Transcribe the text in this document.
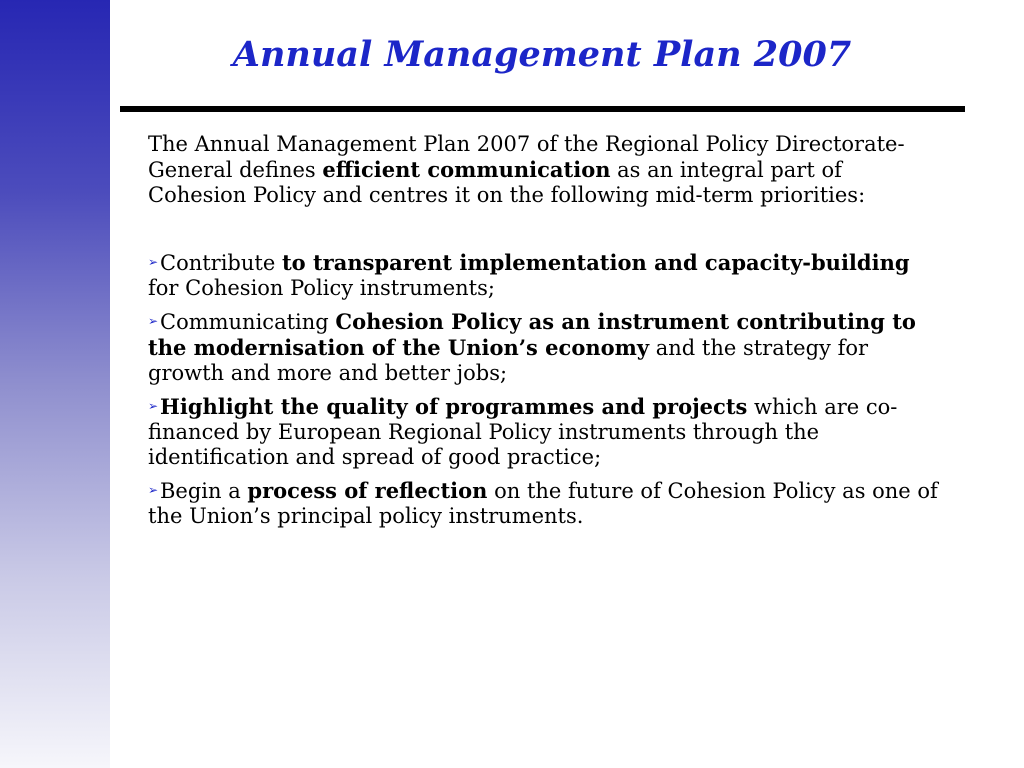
Annual Management Plan 2007

The Annual Management Plan 2007 of the Regional Policy Directorate-General defines efficient communication as an integral part of Cohesion Policy and centres it on the following mid-term priorities:

➢Contribute to transparent implementation and capacity-building for Cohesion Policy instruments;

➢Communicating Cohesion Policy as an instrument contributing to the modernisation of the Union’s economy and the strategy for growth and more and better jobs;

➢Highlight the quality of programmes and projects which are co-financed by European Regional Policy instruments through the identification and spread of good practice;

➢Begin a process of reflection on the future of Cohesion Policy as one of the Union’s principal policy instruments.
